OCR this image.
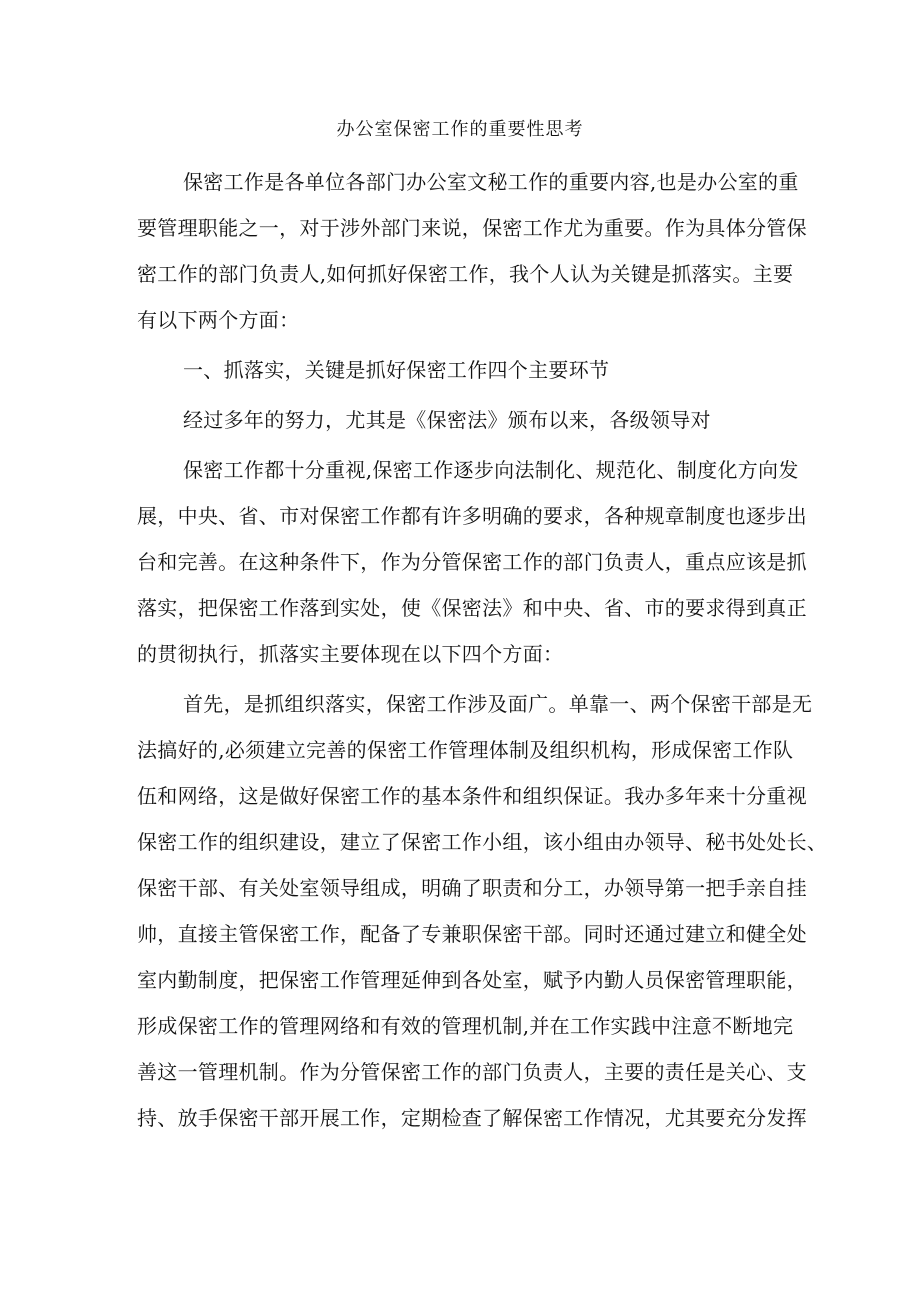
办公室保密工作的重要性思考
保密工作是各单位各部门办公室文秘工作的重要内容,也是办公室的重
要管理职能之一，对于涉外部门来说，保密工作尤为重要。作为具体分管保
密工作的部门负责人,如何抓好保密工作，我个人认为关键是抓落实。主要
有以下两个方面：
一、抓落实，关键是抓好保密工作四个主要环节
经过多年的努力，尤其是《保密法》颁布以来，各级领导对
保密工作都十分重视,保密工作逐步向法制化、规范化、制度化方向发
展，中央、省、市对保密工作都有许多明确的要求，各种规章制度也逐步出
台和完善。在这种条件下，作为分管保密工作的部门负责人，重点应该是抓
落实，把保密工作落到实处，使《保密法》和中央、省、市的要求得到真正
的贯彻执行，抓落实主要体现在以下四个方面：
首先，是抓组织落实，保密工作涉及面广。单靠一、两个保密干部是无
法搞好的,必须建立完善的保密工作管理体制及组织机构，形成保密工作队
伍和网络，这是做好保密工作的基本条件和组织保证。我办多年来十分重视
保密工作的组织建设，建立了保密工作小组，该小组由办领导、秘书处处长、
保密干部、有关处室领导组成，明确了职责和分工，办领导第一把手亲自挂
帅，直接主管保密工作，配备了专兼职保密干部。同时还通过建立和健全处
室内勤制度，把保密工作管理延伸到各处室，赋予内勤人员保密管理职能，
形成保密工作的管理网络和有效的管理机制,并在工作实践中注意不断地完
善这一管理机制。作为分管保密工作的部门负责人，主要的责任是关心、支
持、放手保密干部开展工作，定期检查了解保密工作情况，尤其要充分发挥
